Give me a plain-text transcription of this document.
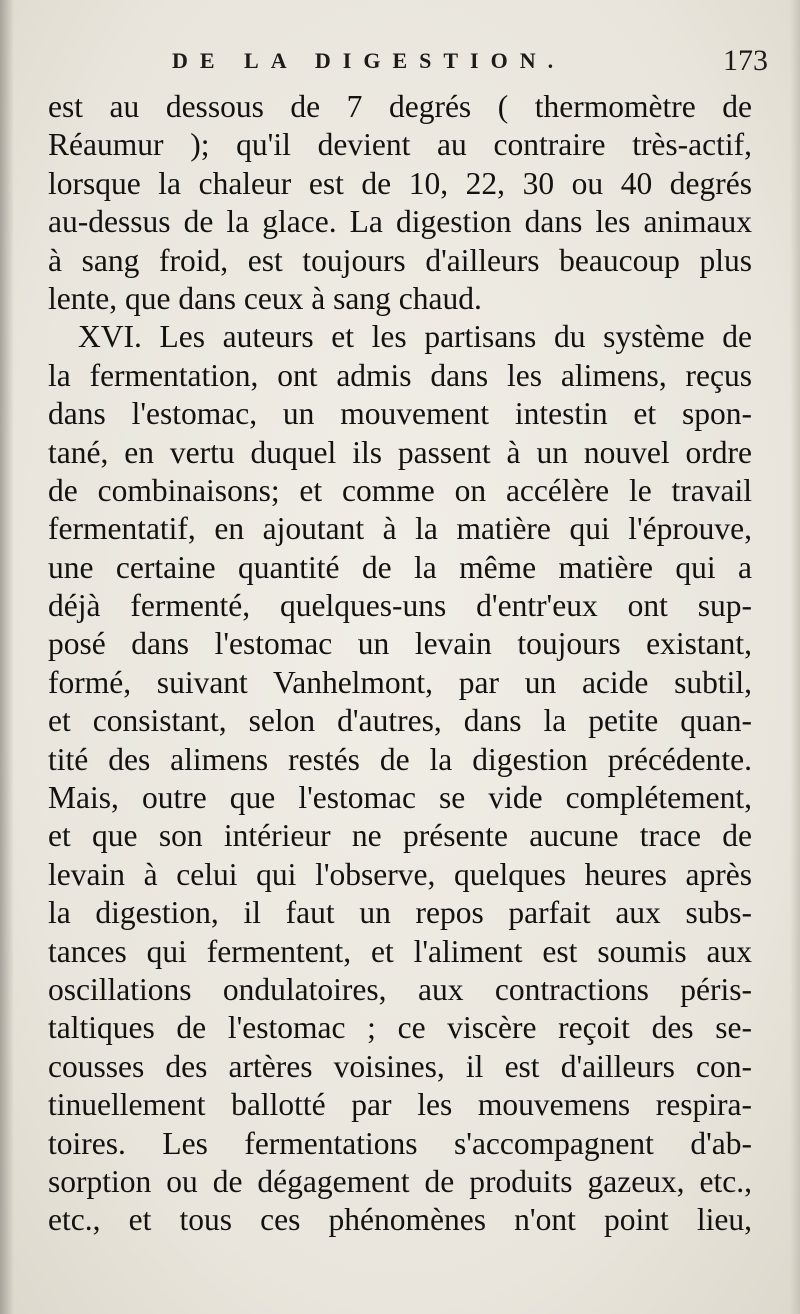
DE LA DIGESTION.	173
est au dessous de 7 degrés ( thermomètre de
Réaumur ); qu'il devient au contraire très-actif,
lorsque la chaleur est de 10, 22, 30 ou 40 degrés
au-dessus de la glace. La digestion dans les animaux
à sang froid, est toujours d'ailleurs beaucoup plus
lente, que dans ceux à sang chaud.
XVI. Les auteurs et les partisans du système de
la fermentation, ont admis dans les alimens, reçus
dans l'estomac, un mouvement intestin et spon-
tané, en vertu duquel ils passent à un nouvel ordre
de combinaisons; et comme on accélère le travail
fermentatif, en ajoutant à la matière qui l'éprouve,
une certaine quantité de la même matière qui a
déjà fermenté, quelques-uns d'entr'eux ont sup-
posé dans l'estomac un levain toujours existant,
formé, suivant Vanhelmont, par un acide subtil,
et consistant, selon d'autres, dans la petite quan-
tité des alimens restés de la digestion précédente.
Mais, outre que l'estomac se vide complétement,
et que son intérieur ne présente aucune trace de
levain à celui qui l'observe, quelques heures après
la digestion, il faut un repos parfait aux subs-
tances qui fermentent, et l'aliment est soumis aux
oscillations ondulatoires, aux contractions péris-
taltiques de l'estomac ; ce viscère reçoit des se-
cousses des artères voisines, il est d'ailleurs con-
tinuellement ballotté par les mouvemens respira-
toires. Les fermentations s'accompagnent d'ab-
sorption ou de dégagement de produits gazeux, etc.,
etc., et tous ces phénomènes n'ont point lieu,
